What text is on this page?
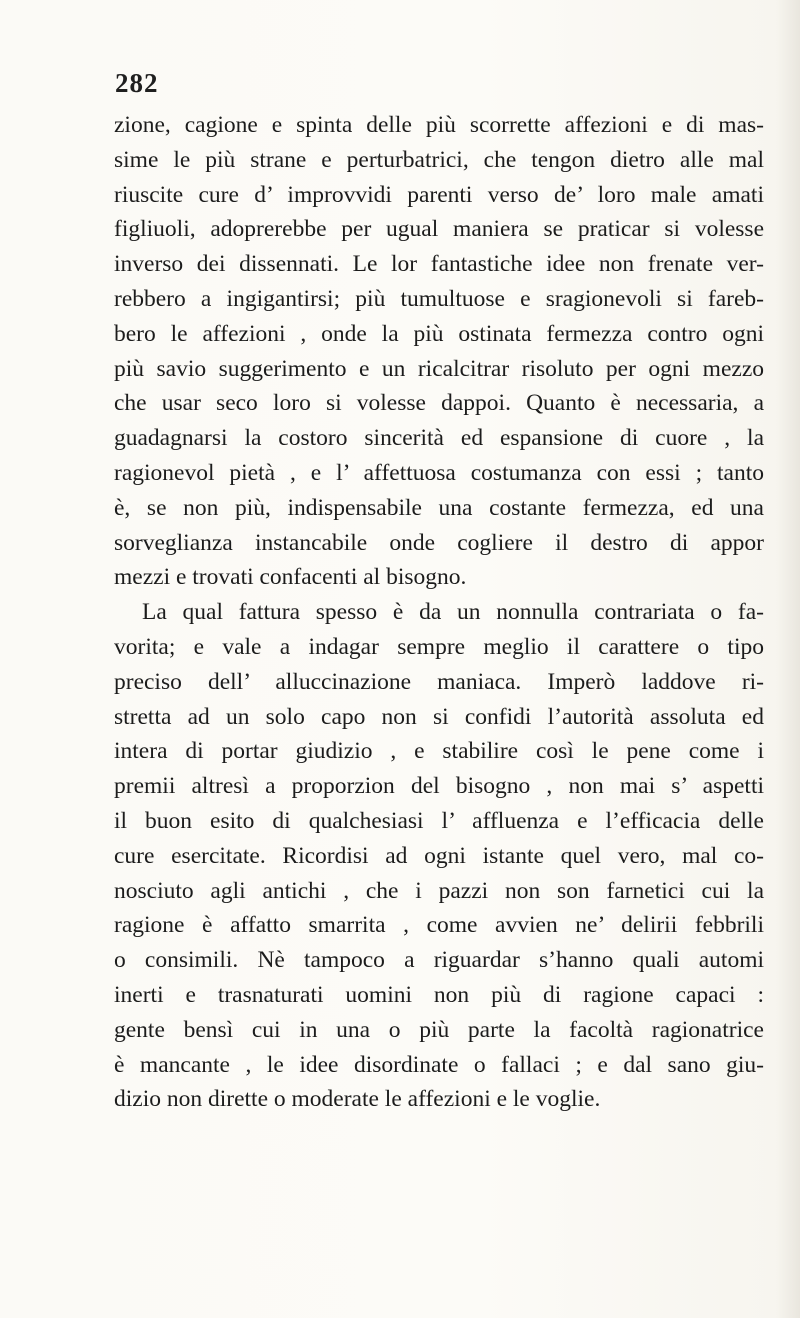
282
zione, cagione e spinta delle più scorrette affezioni e di mas-
sime le più strane e perturbatrici, che tengon dietro alle mal
riuscite cure d’ improvvidi parenti verso de’ loro male amati
figliuoli, adoprerebbe per ugual maniera se praticar si volesse
inverso dei dissennati. Le lor fantastiche idee non frenate ver-
rebbero a ingigantirsi; più tumultuose e sragionevoli si fareb-
bero le affezioni , onde la più ostinata fermezza contro ogni
più savio suggerimento e un ricalcitrar risoluto per ogni mezzo
che usar seco loro si volesse dappoi. Quanto è necessaria, a
guadagnarsi la costoro sincerità ed espansione di cuore , la
ragionevol pietà , e l’ affettuosa costumanza con essi ; tanto
è, se non più, indispensabile una costante fermezza, ed una
sorveglianza instancabile onde cogliere il destro di appor
mezzi e trovati confacenti al bisogno.
La qual fattura spesso è da un nonnulla contrariata o fa-
vorita; e vale a indagar sempre meglio il carattere o tipo
preciso dell’ alluccinazione maniaca. Imperò laddove ri-
stretta ad un solo capo non si confidi l’autorità assoluta ed
intera di portar giudizio , e stabilire così le pene come i
premii altresì a proporzion del bisogno , non mai s’ aspetti
il buon esito di qualchesiasi l’ affluenza e l’efficacia delle
cure esercitate. Ricordisi ad ogni istante quel vero, mal co-
nosciuto agli antichi , che i pazzi non son farnetici cui la
ragione è affatto smarrita , come avvien ne’ delirii febbrili
o consimili. Nè tampoco a riguardar s’hanno quali automi
inerti e trasnaturati uomini non più di ragione capaci :
gente bensì cui in una o più parte la facoltà ragionatrice
è mancante , le idee disordinate o fallaci ; e dal sano giu-
dizio non dirette o moderate le affezioni e le voglie.
